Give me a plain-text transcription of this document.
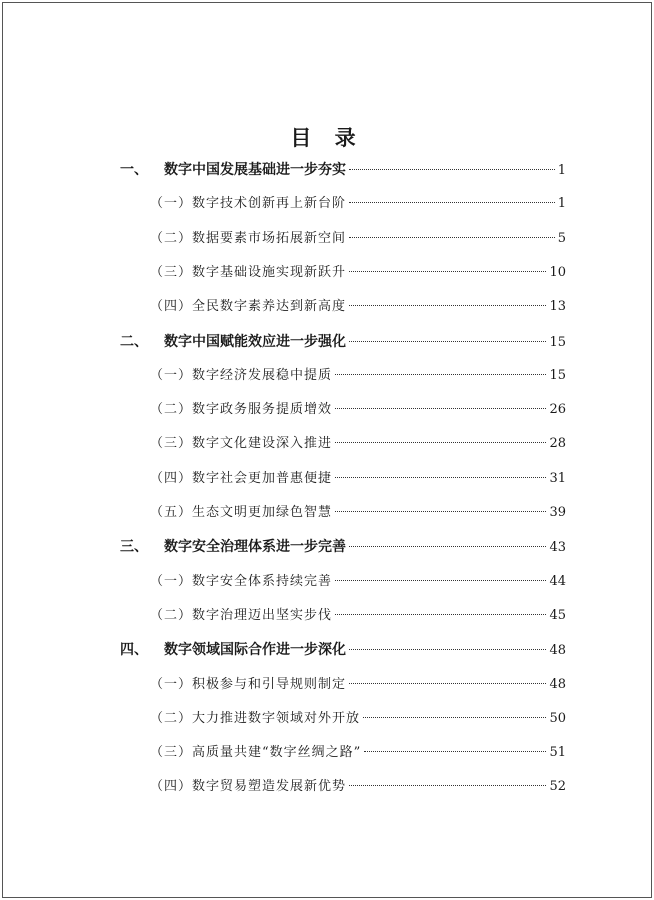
目 录
一、	数字中国发展基础进一步夯实	1
（一）数字技术创新再上新台阶	1
（二）数据要素市场拓展新空间	5
（三）数字基础设施实现新跃升	10
（四）全民数字素养达到新高度	13
二、	数字中国赋能效应进一步强化	15
（一）数字经济发展稳中提质	15
（二）数字政务服务提质增效	26
（三）数字文化建设深入推进	28
（四）数字社会更加普惠便捷	31
（五）生态文明更加绿色智慧	39
三、	数字安全治理体系进一步完善	43
（一）数字安全体系持续完善	44
（二）数字治理迈出坚实步伐	45
四、	数字领域国际合作进一步深化	48
（一）积极参与和引导规则制定	48
（二）大力推进数字领域对外开放	50
（三）高质量共建“数字丝绸之路”	51
（四）数字贸易塑造发展新优势	52
